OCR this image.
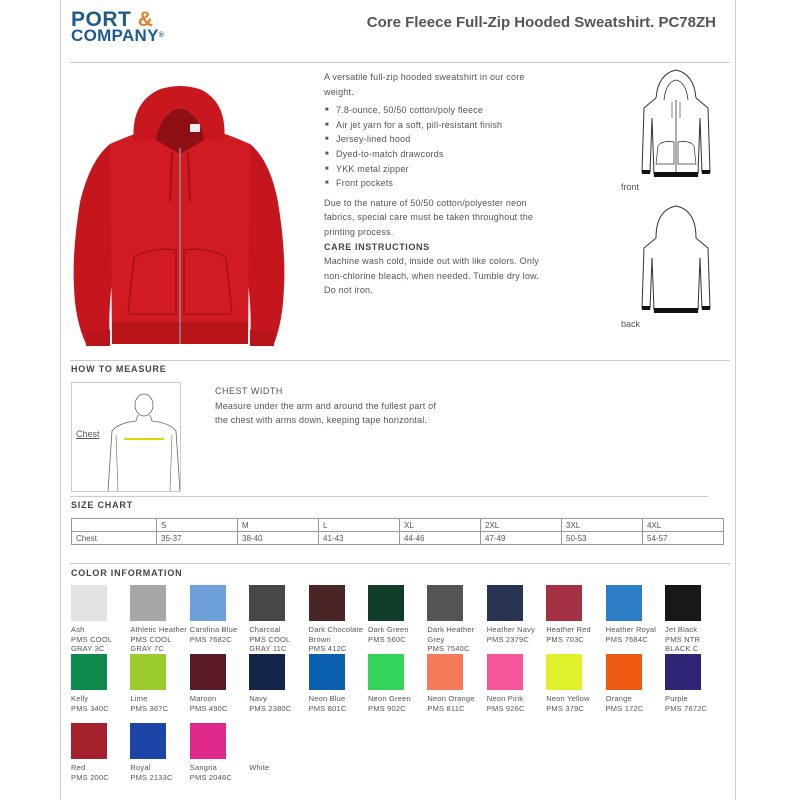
PORT &
COMPANY®
Core Fleece Full-Zip Hooded Sweatshirt. PC78ZH

A versatile full-zip hooded sweatshirt in our core weight.

■ 7.8-ounce, 50/50 cotton/poly fleece
■ Air jet yarn for a soft, pill-resistant finish
■ Jersey-lined hood
■ Dyed-to-match drawcords
■ YKK metal zipper
■ Front pockets

Due to the nature of 50/50 cotton/polyester neon fabrics, special care must be taken throughout the printing process.

CARE INSTRUCTIONS

Machine wash cold, inside out with like colors. Only non-chlorine bleach, when needed. Tumble dry low. Do not iron.

front
back
HOW TO MEASURE
Chest
CHEST WIDTH
Measure under the arm and around the fullest part of the chest with arms down, keeping tape horizontal.
SIZE CHART
	S	M	L	XL	2XL	3XL	4XL
Chest	35-37	38-40	41-43	44-46	47-49	50-53	54-57
COLOR INFORMATION
Ash
PMS COOL GRAY 3C
Athletic Heather
PMS COOL GRAY 7C
Carolina Blue
PMS 7682C
Charcoal
PMS COOL GRAY 11C
Dark Chocolate Brown
PMS 412C
Dark Green
PMS 560C
Dark Heather Grey
PMS 7540C
Heather Navy
PMS 2379C
Heather Red
PMS 703C
Heather Royal
PMS 7684C
Jet Black
PMS NTR BLACK C
Kelly
PMS 340C
Lime
PMS 367C
Maroon
PMS 490C
Navy
PMS 2380C
Neon Blue
PMS 801C
Neon Green
PMS 902C
Neon Orange
PMS 811C
Neon Pink
PMS 926C
Neon Yellow
PMS 379C
Orange
PMS 172C
Purple
PMS 7672C
Red
PMS 200C
Royal
PMS 2133C
Sangria
PMS 2046C
White
